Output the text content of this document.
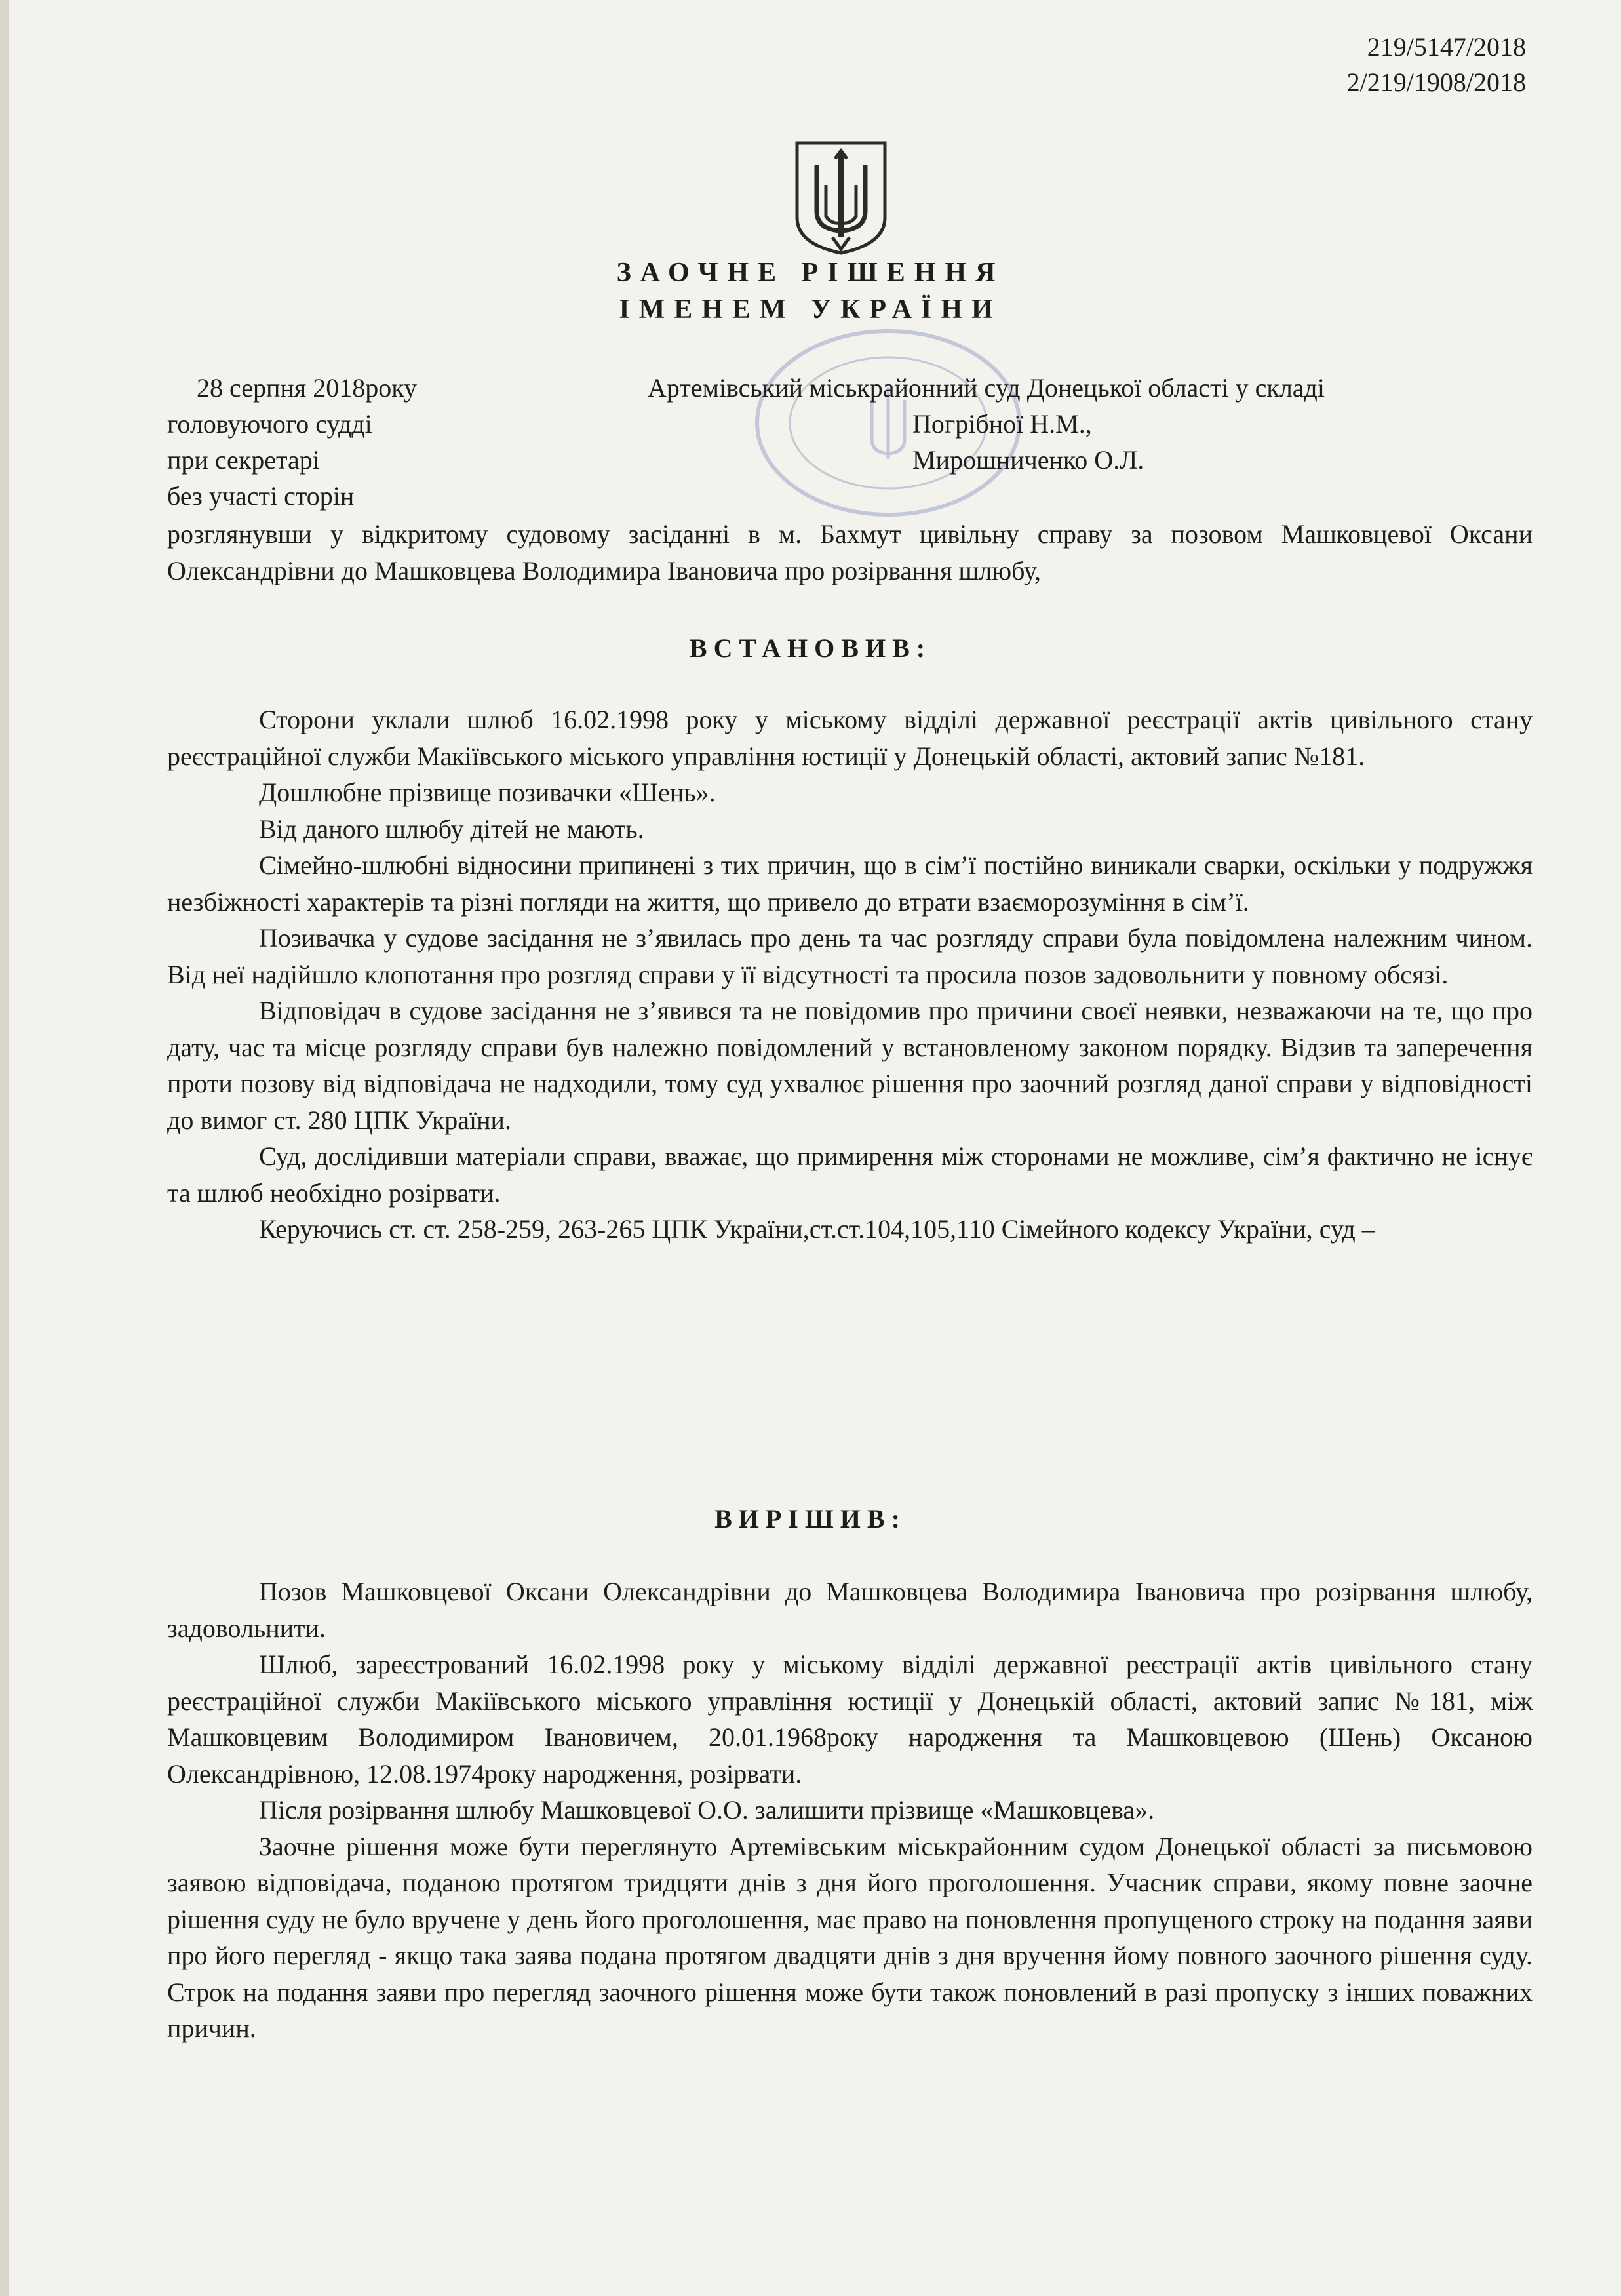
219/5147/2018
2/219/1908/2018
ЗАОЧНЕ РІШЕННЯ
ІМЕНЕМ УКРАЇНИ
28 серпня 2018року	Артемівський міськрайонний суд Донецької області у складі
головуючого судді	Погрібної Н.М.,
при секретарі	Мирошниченко О.Л.
без участі сторін

розглянувши у відкритому судовому засіданні в м. Бахмут цивільну справу за позовом Машковцевої Оксани Олександрівни до Машковцева Володимира Івановича про розірвання шлюбу,

ВСТАНОВИВ:

Сторони уклали шлюб 16.02.1998 року у міському відділі державної реєстрації актів цивільного стану реєстраційної служби Макіївського міського управління юстиції у Донецькій області, актовий запис №181.

Дошлюбне прізвище позивачки «Шень».

Від даного шлюбу дітей не мають.

Сімейно-шлюбні відносини припинені з тих причин, що в сім’ї постійно виникали сварки, оскільки у подружжя незбіжності характерів та різні погляди на життя, що привело до втрати взаєморозуміння в сім’ї.

Позивачка у судове засідання не з’явилась про день та час розгляду справи була повідомлена належним чином. Від неї надійшло клопотання про розгляд справи у її відсутності та просила позов задовольнити у повному обсязі.

Відповідач в судове засідання не з’явився та не повідомив про причини своєї неявки, незважаючи на те, що про дату, час та місце розгляду справи був належно повідомлений у встановленому законом порядку. Відзив та заперечення проти позову від відповідача не надходили, тому суд ухвалює рішення про заочний розгляд даної справи у відповідності до вимог ст. 280 ЦПК України.

Суд, дослідивши матеріали справи, вважає, що примирення між сторонами не можливе, сім’я фактично не існує та шлюб необхідно розірвати.

Керуючись ст. ст. 258-259, 263-265 ЦПК України,ст.ст.104,105,110 Сімейного кодексу України, суд –

ВИРІШИВ:

Позов Машковцевої Оксани Олександрівни до Машковцева Володимира Івановича про розірвання шлюбу, задовольнити.

Шлюб, зареєстрований 16.02.1998 року у міському відділі державної реєстрації актів цивільного стану реєстраційної служби Макіївського міського управління юстиції у Донецькій області, актовий запис №181, між Машковцевим Володимиром Івановичем, 20.01.1968року народження та Машковцевою (Шень) Оксаною Олександрівною, 12.08.1974року народження, розірвати.

Після розірвання шлюбу Машковцевої О.О. залишити прізвище «Машковцева».

Заочне рішення може бути переглянуто Артемівським міськрайонним судом Донецької області за письмовою заявою відповідача, поданою протягом тридцяти днів з дня його проголошення. Учасник справи, якому повне заочне рішення суду не було вручене у день його проголошення, має право на поновлення пропущеного строку на подання заяви про його перегляд - якщо така заява подана протягом двадцяти днів з дня вручення йому повного заочного рішення суду. Строк на подання заяви про перегляд заочного рішення може бути також поновлений в разі пропуску з інших поважних причин.
